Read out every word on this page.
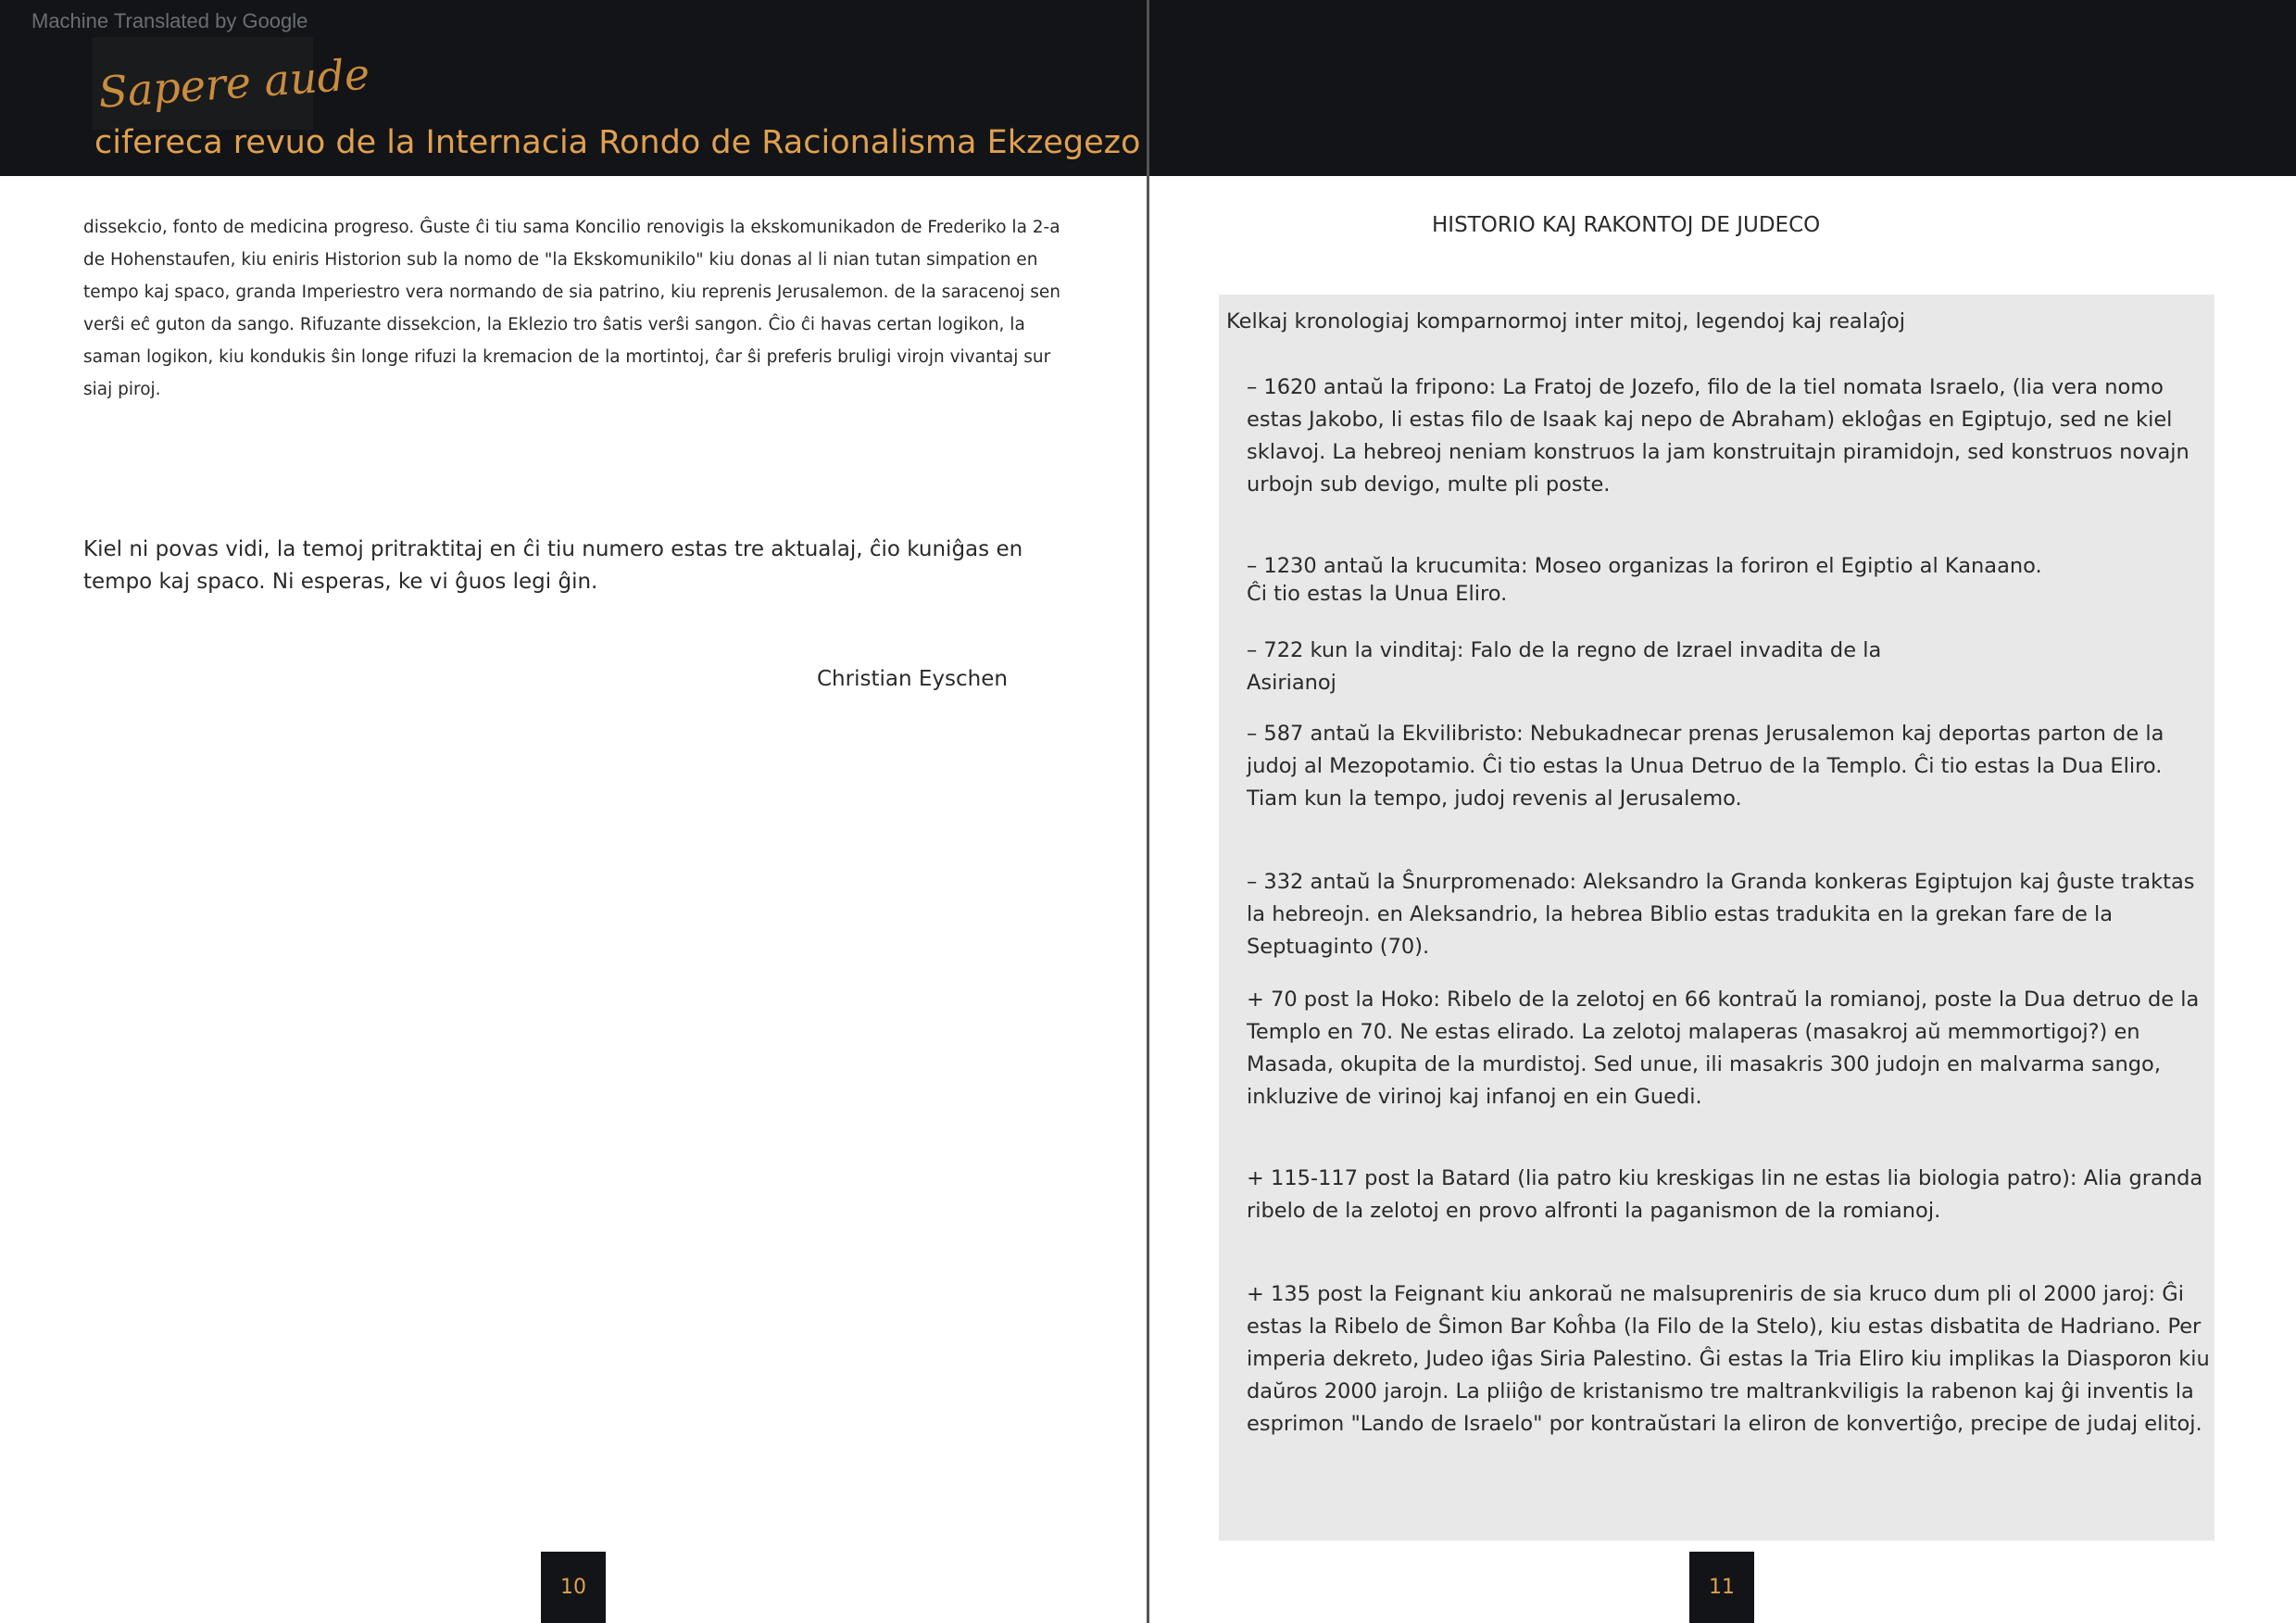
Machine Translated by Google
Sapere aude
cifereca revuo de la Internacia Rondo de Racionalisma Ekzegezo
dissekcio, fonto de medicina progreso. Ĝuste ĉi tiu sama Koncilio renovigis la ekskomunikadon de Frederiko la 2-a de Hohenstaufen, kiu eniris Historion sub la nomo de "la Ekskomunikilo" kiu donas al li nian tutan simpation en tempo kaj spaco, granda Imperiestro vera normando de sia patrino, kiu reprenis Jerusalemon. de la saracenoj sen verŝi eĉ guton da sango. Rifuzante dissekcion, la Eklezio tro ŝatis verŝi sangon. Ĉio ĉi havas certan logikon, la saman logikon, kiu kondukis ŝin longe rifuzi la kremacion de la mortintoj, ĉar ŝi preferis bruligi virojn vivantaj sur siaj piroj.
Kiel ni povas vidi, la temoj pritraktitaj en ĉi tiu numero estas tre aktualaj, ĉio kuniĝas en tempo kaj spaco. Ni esperas, ke vi ĝuos legi ĝin.
Christian Eyschen
10
HISTORIO KAJ RAKONTOJ DE JUDECO
Kelkaj kronologiaj komparnormoj inter mitoj, legendoj kaj realaĵoj

– 1620 antaŭ la fripono: La Fratoj de Jozefo, filo de la tiel nomata Israelo, (lia vera nomo estas Jakobo, li estas filo de Isaak kaj nepo de Abraham) ekloĝas en Egiptujo, sed ne kiel sklavoj. La hebreoj neniam konstruos la jam konstruitajn piramidojn, sed konstruos novajn urbojn sub devigo, multe pli poste.

– 1230 antaŭ la krucumita: Moseo organizas la foriron el Egiptio al Kanaano.

Ĉi tio estas la Unua Eliro.

– 722 kun la vinditaj: Falo de la regno de Izrael invadita de la

Asirianoj

– 587 antaŭ la Ekvilibristo: Nebukadnecar prenas Jerusalemon kaj deportas parton de la judoj al Mezopotamio. Ĉi tio estas la Unua Detruo de la Templo. Ĉi tio estas la Dua Eliro. Tiam kun la tempo, judoj revenis al Jerusalemo.

– 332 antaŭ la Ŝnurpromenado: Aleksandro la Granda konkeras Egiptujon kaj ĝuste traktas la hebreojn. en Aleksandrio, la hebrea Biblio estas tradukita en la grekan fare de la Septuaginto (70).

+ 70 post la Hoko: Ribelo de la zelotoj en 66 kontraŭ la romianoj, poste la Dua detruo de la Templo en 70. Ne estas elirado. La zelotoj malaperas (masakroj aŭ memmortigoj?) en Masada, okupita de la murdistoj. Sed unue, ili masakris 300 judojn en malvarma sango, inkluzive de virinoj kaj infanoj en ein Guedi.

+ 115-117 post la Batard (lia patro kiu kreskigas lin ne estas lia biologia patro): Alia granda ribelo de la zelotoj en provo alfronti la paganismon de la romianoj.

+ 135 post la Feignant kiu ankoraŭ ne malsupreniris de sia kruco dum pli ol 2000 jaroj: Ĝi estas la Ribelo de Ŝimon Bar Koĥba (la Filo de la Stelo), kiu estas disbatita de Hadriano. Per imperia dekreto, Judeo iĝas Siria Palestino. Ĝi estas la Tria Eliro kiu implikas la Diasporon kiu daŭros 2000 jarojn. La pliiĝo de kristanismo tre maltrankviligis la rabenon kaj ĝi inventis la esprimon "Lando de Israelo" por kontraŭstari la eliron de konvertiĝo, precipe de judaj elitoj.

11
